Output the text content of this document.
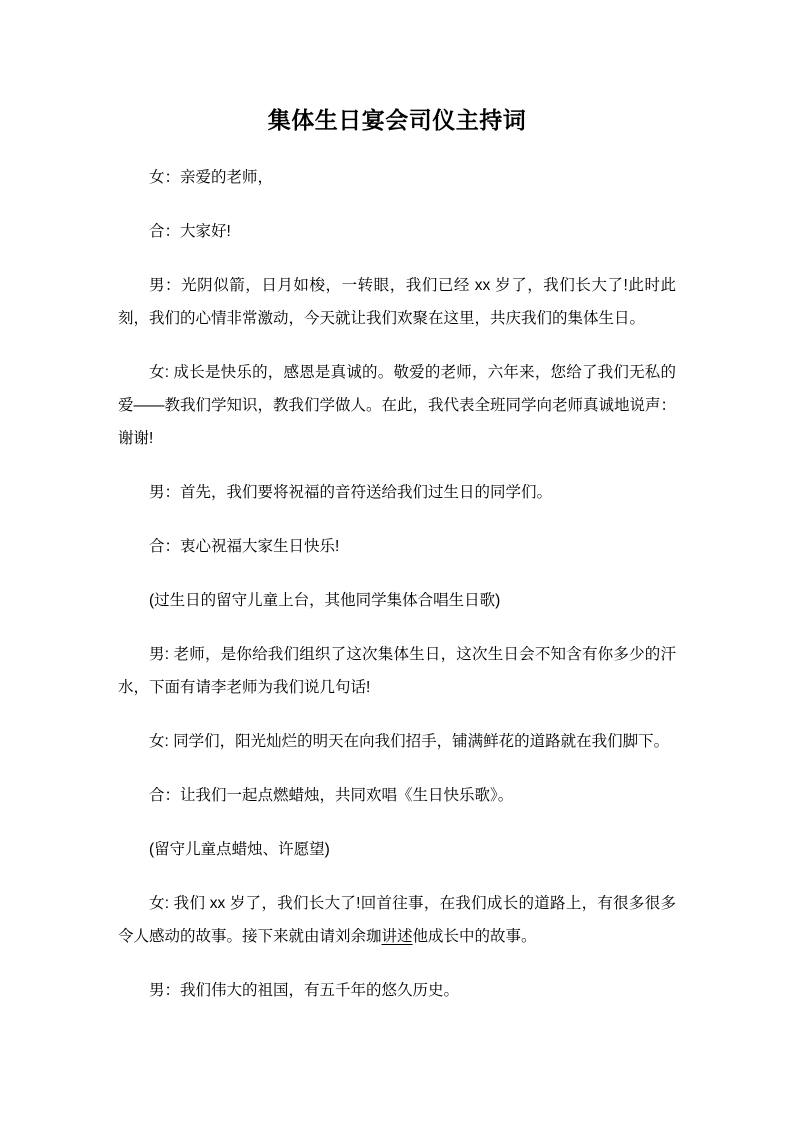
集体生日宴会司仪主持词

女：亲爱的老师，

合：大家好!

男：光阴似箭，日月如梭，一转眼，我们已经 xx 岁了，我们长大了!此时此刻，我们的心情非常激动，今天就让我们欢聚在这里，共庆我们的集体生日。

女: 成长是快乐的，感恩是真诚的。敬爱的老师，六年来，您给了我们无私的爱——教我们学知识，教我们学做人。在此，我代表全班同学向老师真诚地说声：谢谢!

男：首先，我们要将祝福的音符送给我们过生日的同学们。

合：衷心祝福大家生日快乐!

(过生日的留守儿童上台，其他同学集体合唱生日歌)

男: 老师，是你给我们组织了这次集体生日，这次生日会不知含有你多少的汗水，下面有请李老师为我们说几句话!

女: 同学们，阳光灿烂的明天在向我们招手，铺满鲜花的道路就在我们脚下。

合：让我们一起点燃蜡烛，共同欢唱《生日快乐歌》。

(留守儿童点蜡烛、许愿望)

女: 我们 xx 岁了，我们长大了!回首往事，在我们成长的道路上，有很多很多令人感动的故事。接下来就由请刘余珈讲述他成长中的故事。

男：我们伟大的祖国，有五千年的悠久历史。
